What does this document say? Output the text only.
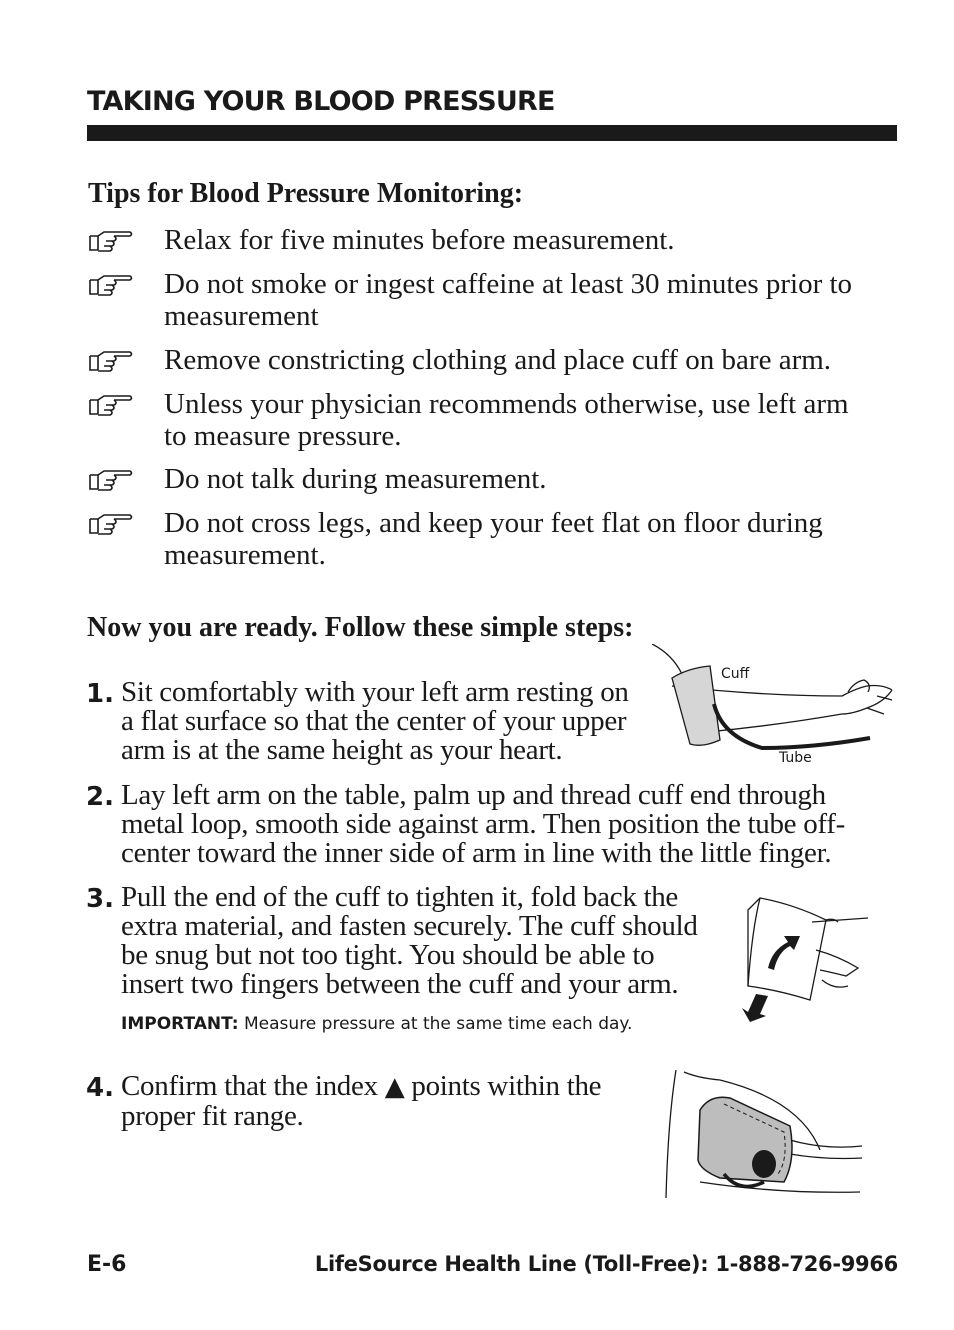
TAKING YOUR BLOOD PRESSURE
Tips for Blood Pressure Monitoring:
Relax for five minutes before measurement.
Do not smoke or ingest caffeine at least 30 minutes prior to measurement
Remove constricting clothing and place cuff on bare arm.
Unless your physician recommends otherwise, use left arm to measure pressure.
Do not talk during measurement.
Do not cross legs, and keep your feet flat on floor during measurement.
Now you are ready. Follow these simple steps:
1. Sit comfortably with your left arm resting on a flat surface so that the center of your upper arm is at the same height as your heart.
2. Lay left arm on the table, palm up and thread cuff end through metal loop, smooth side against arm. Then position the tube off-center toward the inner side of arm in line with the little finger.
3. Pull the end of the cuff to tighten it, fold back the extra material, and fasten securely. The cuff should be snug but not too tight. You should be able to insert two fingers between the cuff and your arm.
IMPORTANT: Measure pressure at the same time each day.
4. Confirm that the index ▲ points within the proper fit range.
Cuff
Tube
E-6	LifeSource Health Line (Toll-Free): 1-888-726-9966
